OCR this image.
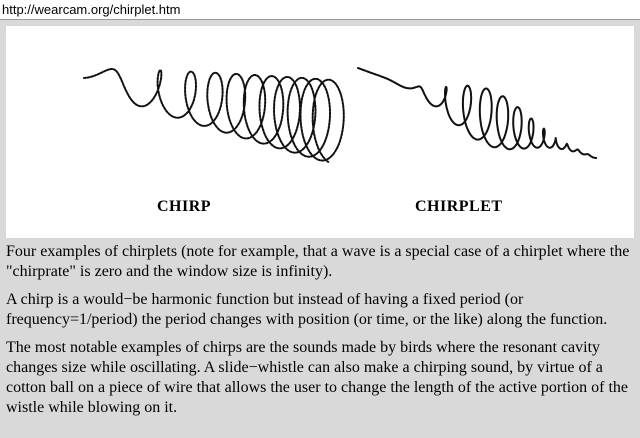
http://wearcam.org/chirplet.htm
CHIRP	CHIRPLET

Four examples of chirplets (note for example, that a wave is a special case of a chirplet where the "chirprate" is zero and the window size is infinity).

A chirp is a would−be harmonic function but instead of having a fixed period (or frequency=1/period) the period changes with position (or time, or the like) along the function.

The most notable examples of chirps are the sounds made by birds where the resonant cavity changes size while oscillating. A slide−whistle can also make a chirping sound, by virtue of a cotton ball on a piece of wire that allows the user to change the length of the active portion of the wistle while blowing on it.
